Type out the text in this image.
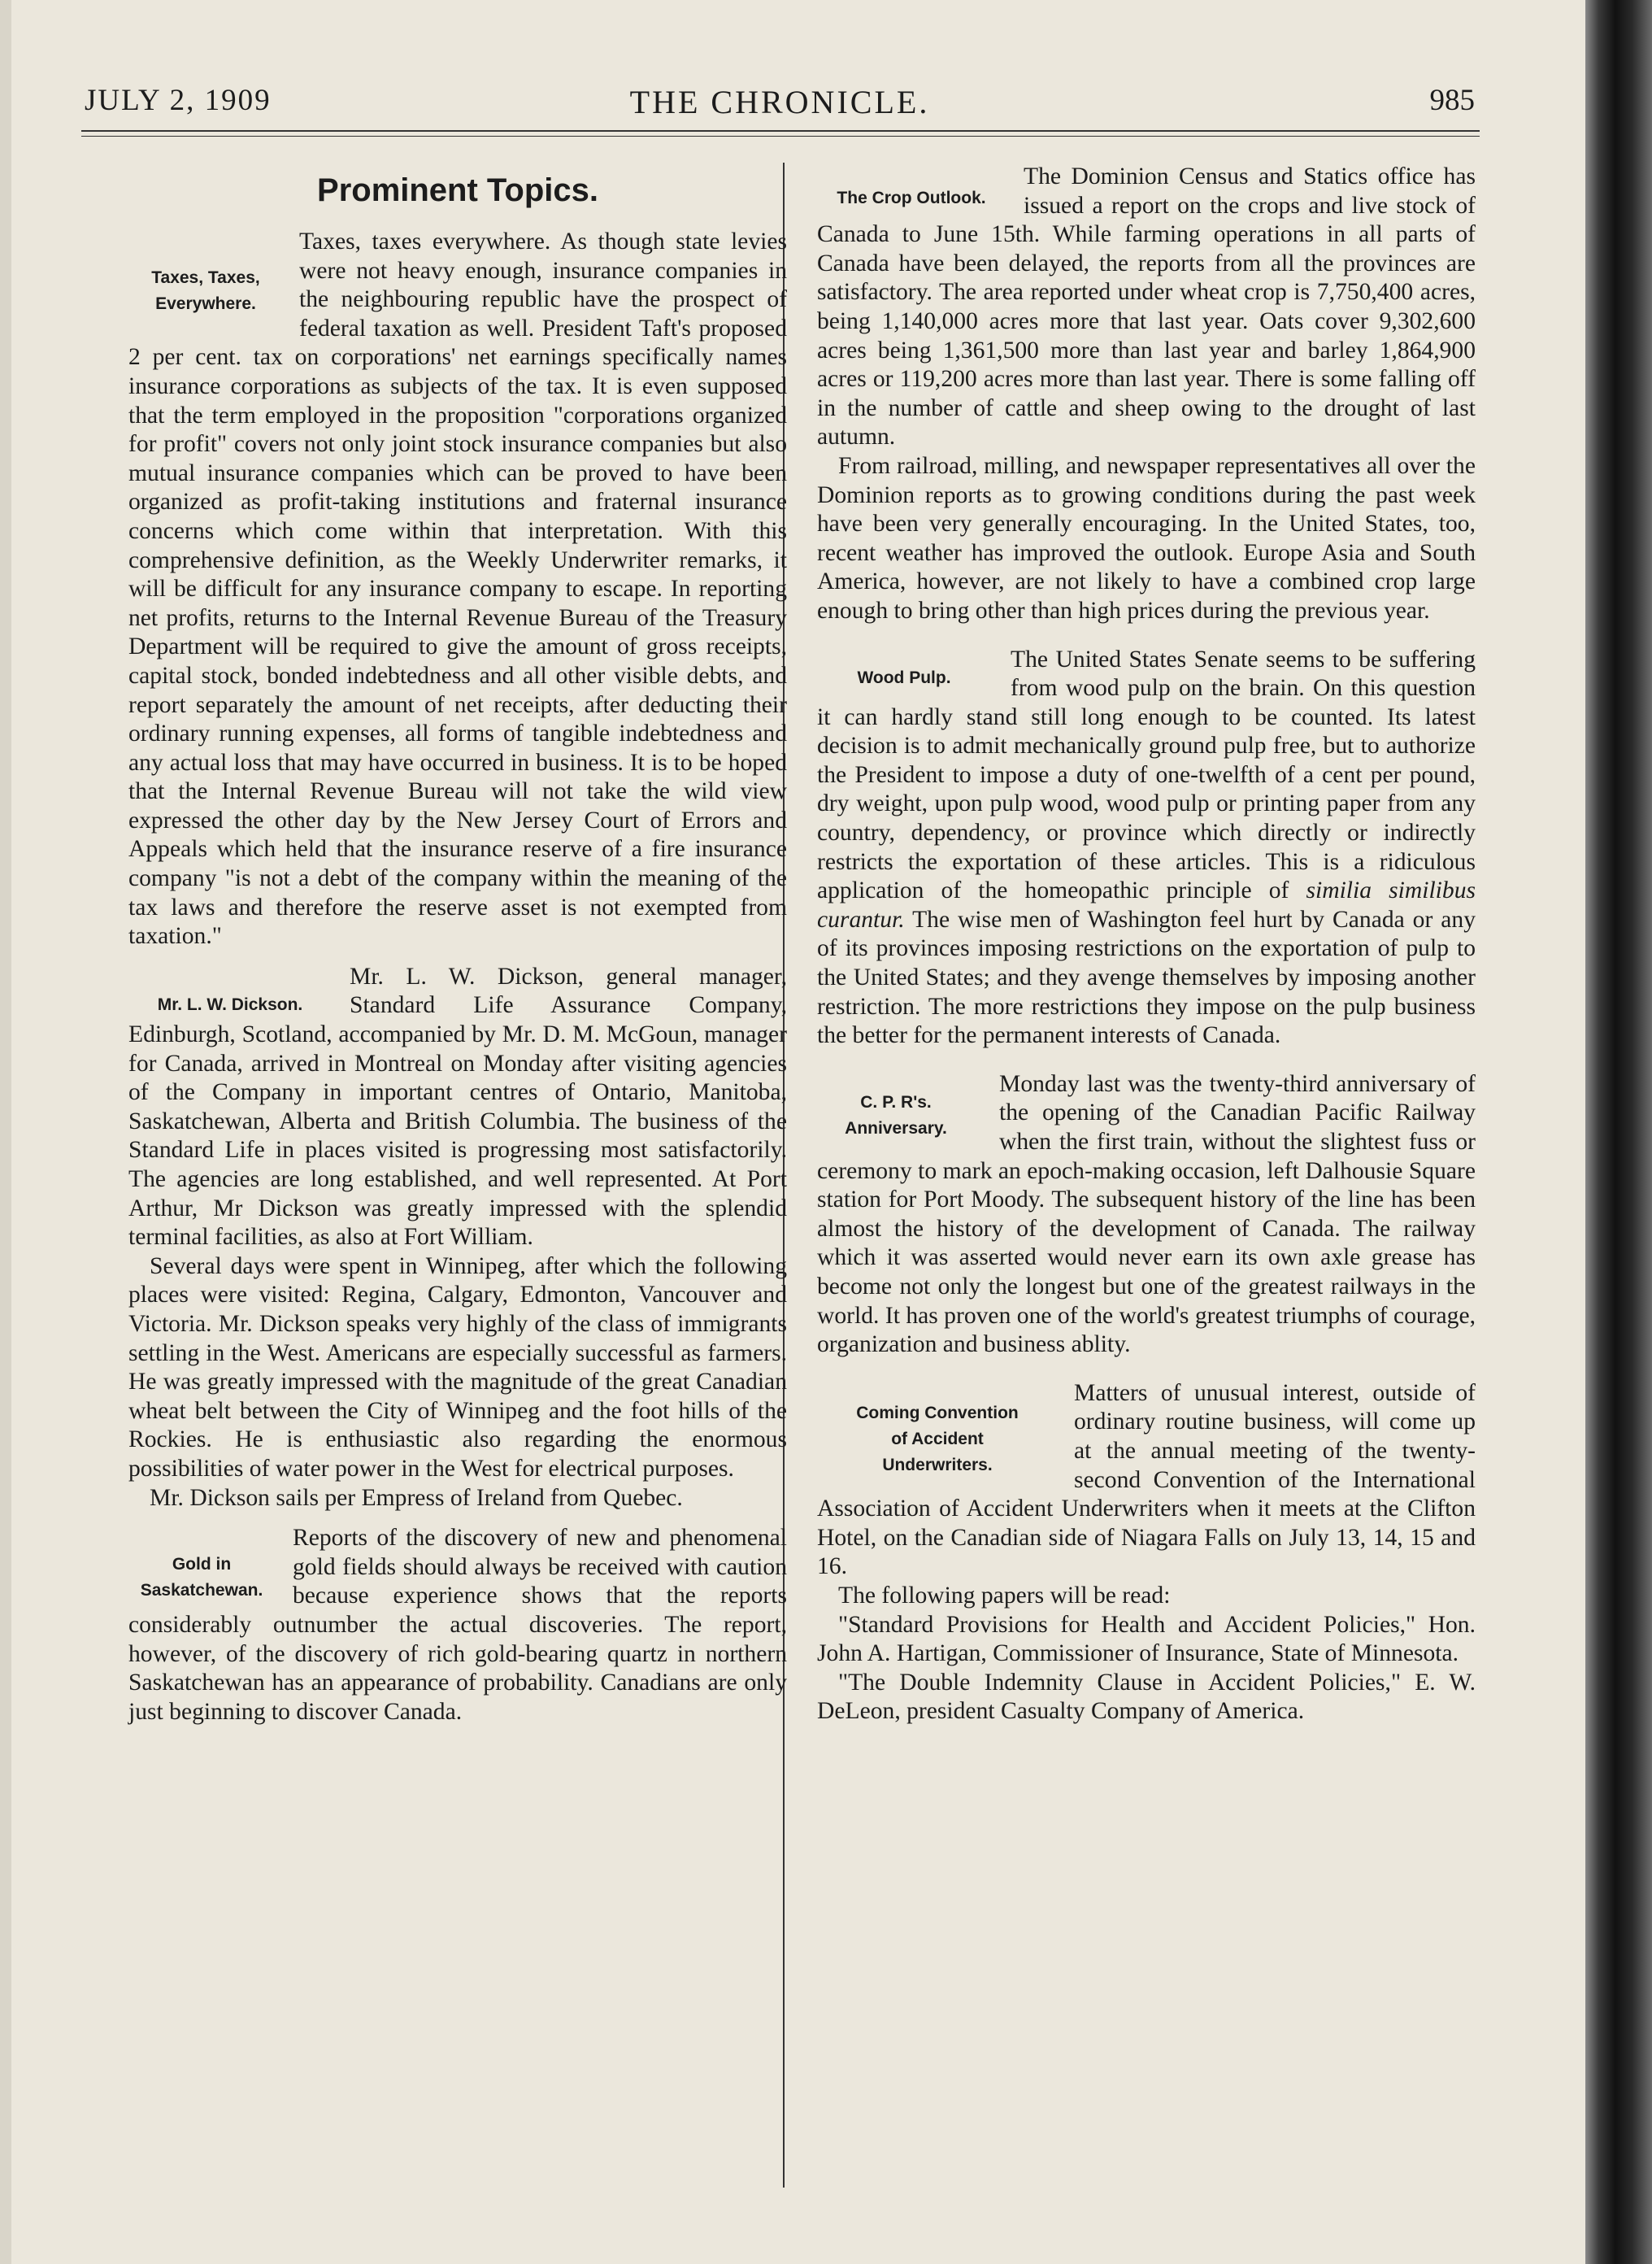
JULY 2, 1909	THE CHRONICLE.	985
Prominent Topics.
Taxes, Taxes,
Everywhere.

Taxes, taxes everywhere. As though state levies were not heavy enough, insurance companies in the neighbouring republic have the prospect of federal taxation as well. President Taft's proposed 2 per cent. tax on corporations' net earnings specifically names insurance corporations as subjects of the tax. It is even supposed that the term employed in the proposition "corporations organized for profit" covers not only joint stock insurance companies but also mutual insurance companies which can be proved to have been organized as profit-taking institutions and fraternal insurance concerns which come within that interpretation. With this comprehensive definition, as the Weekly Underwriter remarks, it will be difficult for any insurance company to escape. In reporting net profits, returns to the Internal Revenue Bureau of the Treasury Department will be required to give the amount of gross receipts, capital stock, bonded indebtedness and all other visible debts, and report separately the amount of net receipts, after deducting their ordinary running expenses, all forms of tangible indebtedness and any actual loss that may have occurred in business. It is to be hoped that the Internal Revenue Bureau will not take the wild view expressed the other day by the New Jersey Court of Errors and Appeals which held that the insurance reserve of a fire insurance company "is not a debt of the company within the meaning of the tax laws and therefore the reserve asset is not exempted from taxation."

Mr. L. W. Dickson.

Mr. L. W. Dickson, general manager, Standard Life Assurance Company, Edinburgh, Scotland, accompanied by Mr. D. M. McGoun, manager for Canada, arrived in Montreal on Monday after visiting agencies of the Company in important centres of Ontario, Manitoba, Saskatchewan, Alberta and British Columbia. The business of the Standard Life in places visited is progressing most satisfactorily. The agencies are long established, and well represented. At Port Arthur, Mr Dickson was greatly impressed with the splendid terminal facilities, as also at Fort William.

Several days were spent in Winnipeg, after which the following places were visited: Regina, Calgary, Edmonton, Vancouver and Victoria. Mr. Dickson speaks very highly of the class of immigrants settling in the West. Americans are especially successful as farmers. He was greatly impressed with the magnitude of the great Canadian wheat belt between the City of Winnipeg and the foot hills of the Rockies. He is enthusiastic also regarding the enormous possibilities of water power in the West for electrical purposes.

Mr. Dickson sails per Empress of Ireland from Quebec.

Gold in
Saskatchewan.

Reports of the discovery of new and phenomenal gold fields should always be received with caution because experience shows that the reports considerably outnumber the actual discoveries. The report, however, of the discovery of rich gold-bearing quartz in northern Saskatchewan has an appearance of probability. Canadians are only just beginning to discover Canada.

The Crop Outlook.

The Dominion Census and Statics office has issued a report on the crops and live stock of Canada to June 15th. While farming operations in all parts of Canada have been delayed, the reports from all the provinces are satisfactory. The area reported under wheat crop is 7,750,400 acres, being 1,140,000 acres more that last year. Oats cover 9,302,600 acres being 1,361,500 more than last year and barley 1,864,900 acres or 119,200 acres more than last year. There is some falling off in the number of cattle and sheep owing to the drought of last autumn.

From railroad, milling, and newspaper representatives all over the Dominion reports as to growing conditions during the past week have been very generally encouraging. In the United States, too, recent weather has improved the outlook. Europe Asia and South America, however, are not likely to have a combined crop large enough to bring other than high prices during the previous year.

Wood Pulp.

The United States Senate seems to be suffering from wood pulp on the brain. On this question it can hardly stand still long enough to be counted. Its latest decision is to admit mechanically ground pulp free, but to authorize the President to impose a duty of one-twelfth of a cent per pound, dry weight, upon pulp wood, wood pulp or printing paper from any country, dependency, or province which directly or indirectly restricts the exportation of these articles. This is a ridiculous application of the homeopathic principle of similia similibus curantur. The wise men of Washington feel hurt by Canada or any of its provinces imposing restrictions on the exportation of pulp to the United States; and they avenge themselves by imposing another restriction. The more restrictions they impose on the pulp business the better for the permanent interests of Canada.

C. P. R's.
Anniversary.

Monday last was the twenty-third anniversary of the opening of the Canadian Pacific Railway when the first train, without the slightest fuss or ceremony to mark an epoch-making occasion, left Dalhousie Square station for Port Moody. The subsequent history of the line has been almost the history of the development of Canada. The railway which it was asserted would never earn its own axle grease has become not only the longest but one of the greatest railways in the world. It has proven one of the world's greatest triumphs of courage, organization and business ablity.

Coming Convention
of Accident
Underwriters.

Matters of unusual interest, outside of ordinary routine business, will come up at the annual meeting of the twenty-second Convention of the International Association of Accident Underwriters when it meets at the Clifton Hotel, on the Canadian side of Niagara Falls on July 13, 14, 15 and 16.

The following papers will be read:

"Standard Provisions for Health and Accident Policies," Hon. John A. Hartigan, Commissioner of Insurance, State of Minnesota.

"The Double Indemnity Clause in Accident Policies," E. W. DeLeon, president Casualty Company of America.
